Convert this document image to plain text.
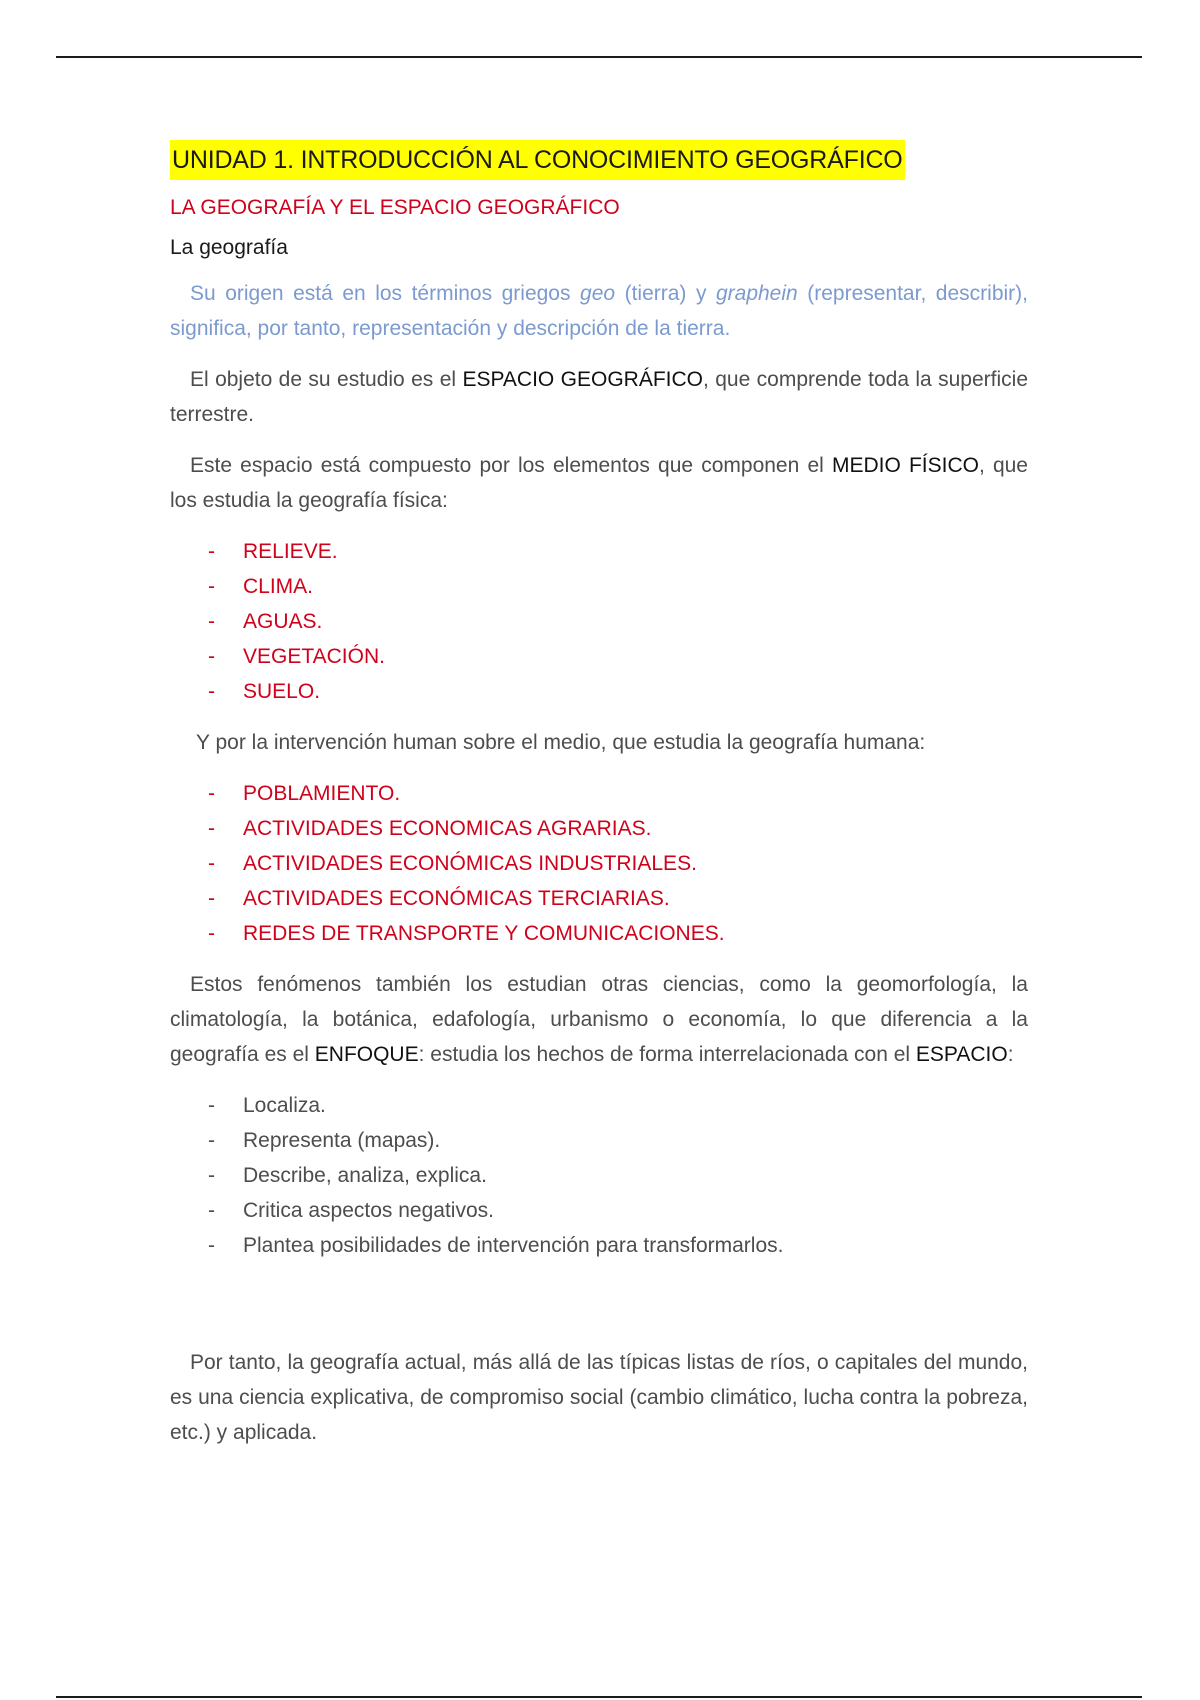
UNIDAD 1. INTRODUCCIÓN AL CONOCIMIENTO GEOGRÁFICO
LA GEOGRAFÍA Y EL ESPACIO GEOGRÁFICO
La geografía

Su origen está en los términos griegos geo (tierra) y graphein (representar, describir), significa, por tanto, representación y descripción de la tierra.

El objeto de su estudio es el ESPACIO GEOGRÁFICO, que comprende toda la superficie terrestre.

Este espacio está compuesto por los elementos que componen el MEDIO FÍSICO, que los estudia la geografía física:

- RELIEVE.
- CLIMA.
- AGUAS.
- VEGETACIÓN.
- SUELO.

Y por la intervención human sobre el medio, que estudia la geografía humana:

- POBLAMIENTO.
- ACTIVIDADES ECONOMICAS AGRARIAS.
- ACTIVIDADES ECONÓMICAS INDUSTRIALES.
- ACTIVIDADES ECONÓMICAS TERCIARIAS.
- REDES DE TRANSPORTE Y COMUNICACIONES.

Estos fenómenos también los estudian otras ciencias, como la geomorfología, la climatología, la botánica, edafología, urbanismo o economía, lo que diferencia a la geografía es el ENFOQUE: estudia los hechos de forma interrelacionada con el ESPACIO:

- Localiza.
- Representa (mapas).
- Describe, analiza, explica.
- Critica aspectos negativos.
- Plantea posibilidades de intervención para transformarlos.

Por tanto, la geografía actual, más allá de las típicas listas de ríos, o capitales del mundo, es una ciencia explicativa, de compromiso social (cambio climático, lucha contra la pobreza, etc.) y aplicada.
